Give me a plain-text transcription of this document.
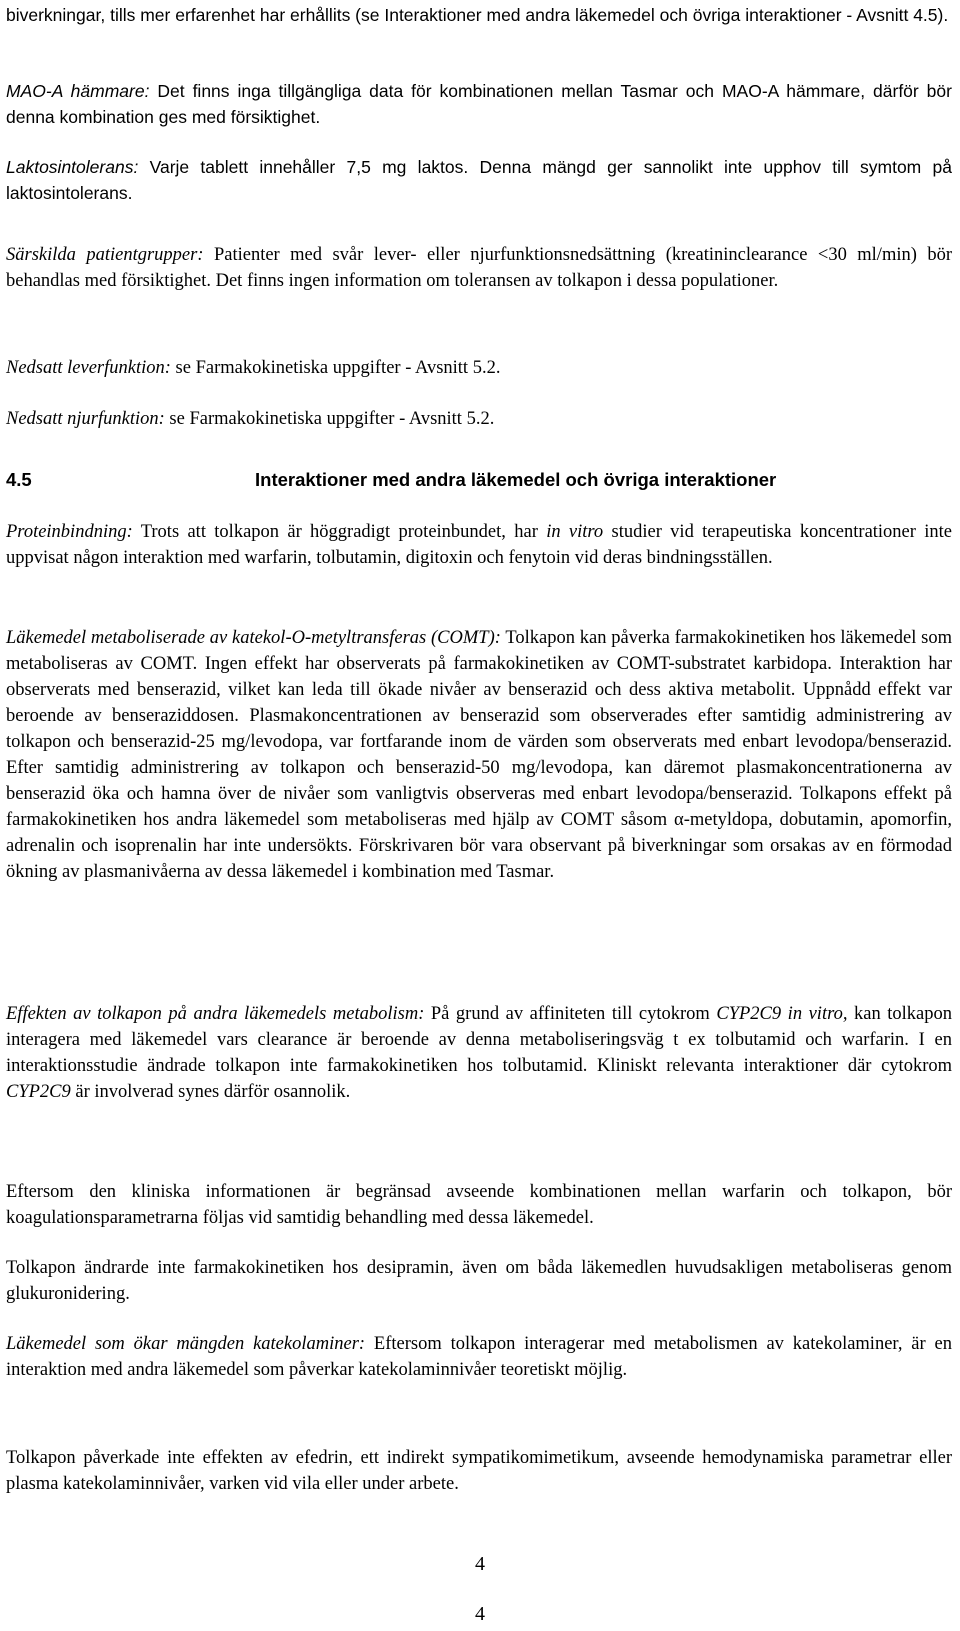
biverkningar, tills mer erfarenhet har erhållits (se Interaktioner med andra läkemedel och övriga interaktioner - Avsnitt 4.5).

MAO-A hämmare: Det finns inga tillgängliga data för kombinationen mellan Tasmar och MAO-A hämmare, därför bör denna kombination ges med försiktighet.

Laktosintolerans: Varje tablett innehåller 7,5 mg laktos. Denna mängd ger sannolikt inte upphov till symtom på laktosintolerans.

Särskilda patientgrupper: Patienter med svår lever- eller njurfunktionsnedsättning (kreatininclearance <30 ml/min) bör behandlas med försiktighet. Det finns ingen information om toleransen av tolkapon i dessa populationer.

Nedsatt leverfunktion: se Farmakokinetiska uppgifter - Avsnitt 5.2.

Nedsatt njurfunktion: se Farmakokinetiska uppgifter - Avsnitt 5.2.

4.5	Interaktioner med andra läkemedel och övriga interaktioner

Proteinbindning: Trots att tolkapon är höggradigt proteinbundet, har in vitro studier vid terapeutiska koncentrationer inte uppvisat någon interaktion med warfarin, tolbutamin, digitoxin och fenytoin vid deras bindningsställen.

Läkemedel metaboliserade av katekol-O-metyltransferas (COMT): Tolkapon kan påverka farmakokinetiken hos läkemedel som metaboliseras av COMT. Ingen effekt har observerats på farmakokinetiken av COMT-substratet karbidopa. Interaktion har observerats med benserazid, vilket kan leda till ökade nivåer av benserazid och dess aktiva metabolit. Uppnådd effekt var beroende av benseraziddosen. Plasmakoncentrationen av benserazid som observerades efter samtidig administrering av tolkapon och benserazid-25 mg/levodopa, var fortfarande inom de värden som observerats med enbart levodopa/benserazid. Efter samtidig administrering av tolkapon och benserazid-50 mg/levodopa, kan däremot plasmakoncentrationerna av benserazid öka och hamna över de nivåer som vanligtvis observeras med enbart levodopa/benserazid. Tolkapons effekt på farmakokinetiken hos andra läkemedel som metaboliseras med hjälp av COMT såsom α-metyldopa, dobutamin, apomorfin, adrenalin och isoprenalin har inte undersökts. Förskrivaren bör vara observant på biverkningar som orsakas av en förmodad ökning av plasmanivåerna av dessa läkemedel i kombination med Tasmar.

Effekten av tolkapon på andra läkemedels metabolism: På grund av affiniteten till cytokrom CYP2C9 in vitro, kan tolkapon interagera med läkemedel vars clearance är beroende av denna metaboliseringsväg t ex tolbutamid och warfarin. I en interaktionsstudie ändrade tolkapon inte farmakokinetiken hos tolbutamid. Kliniskt relevanta interaktioner där cytokrom CYP2C9 är involverad synes därför osannolik.

Eftersom den kliniska informationen är begränsad avseende kombinationen mellan warfarin och tolkapon, bör koagulationsparametrarna följas vid samtidig behandling med dessa läkemedel.

Tolkapon ändrarde inte farmakokinetiken hos desipramin, även om båda läkemedlen huvudsakligen metaboliseras genom glukuronidering.

Läkemedel som ökar mängden katekolaminer: Eftersom tolkapon interagerar med metabolismen av katekolaminer, är en interaktion med andra läkemedel som påverkar katekolaminnivåer teoretiskt möjlig.

Tolkapon påverkade inte effekten av efedrin, ett indirekt sympatikomimetikum, avseende hemodynamiska parametrar eller plasma katekolaminnivåer, varken vid vila eller under arbete.

4
4
